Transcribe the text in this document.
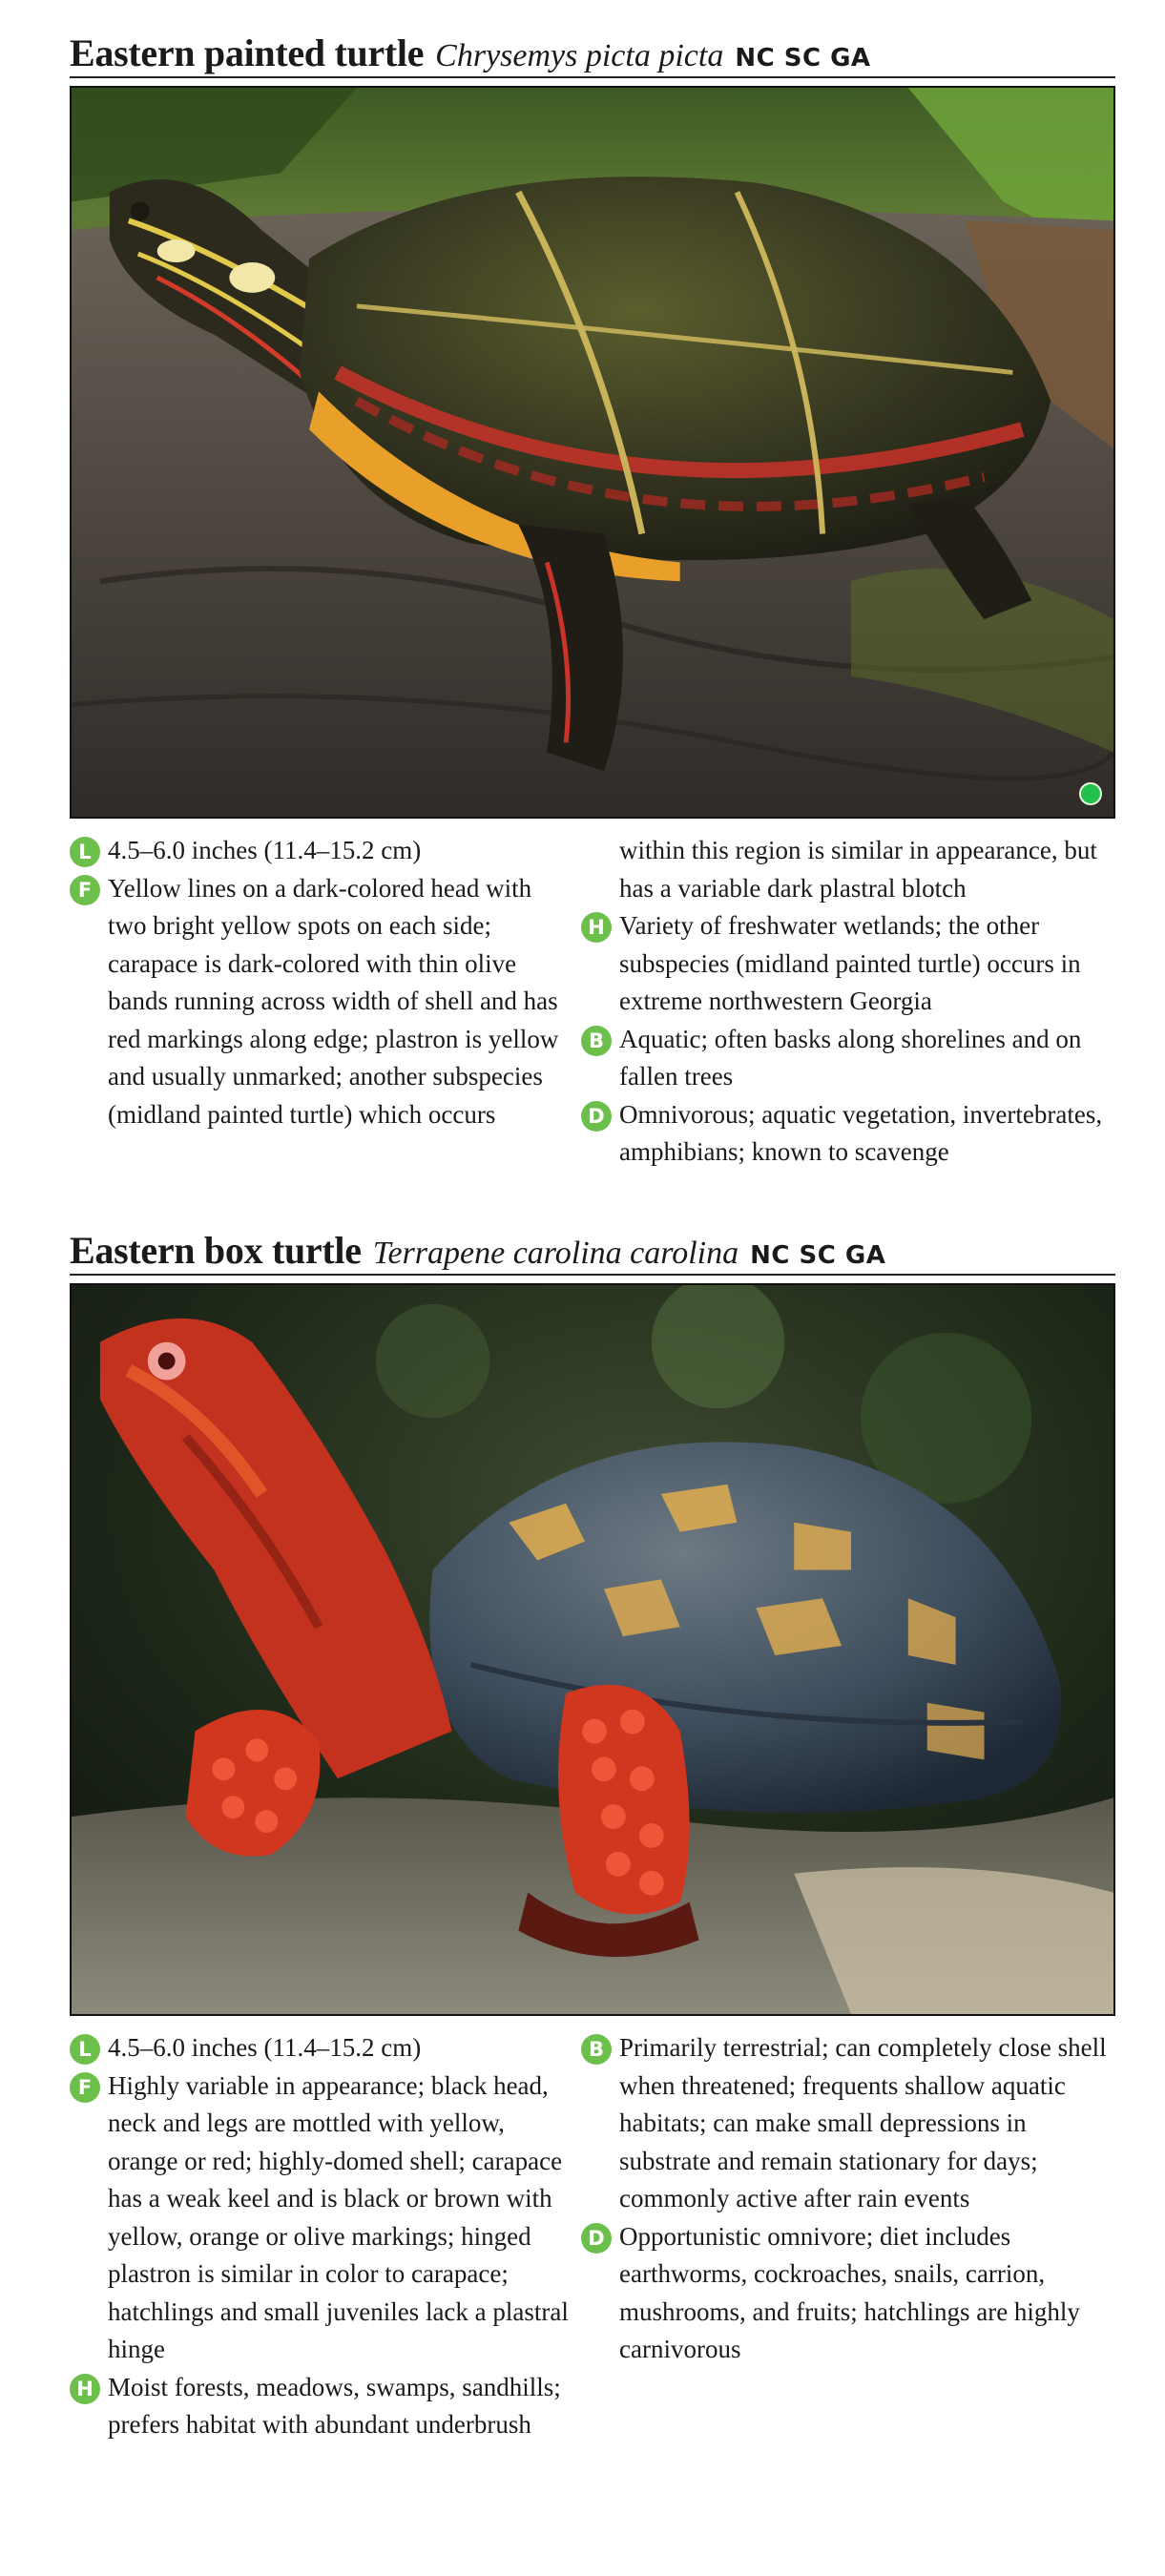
Eastern painted turtle Chrysemys picta picta NC SC GA
L 4.5–6.0 inches (11.4–15.2 cm)
F Yellow lines on a dark-colored head with two bright yellow spots on each side; carapace is dark-colored with thin olive bands running across width of shell and has red markings along edge; plastron is yellow and usually unmarked; another subspecies (midland painted turtle) which occurs
within this region is similar in appearance, but has a variable dark plastral blotch
H Variety of freshwater wetlands; the other subspecies (midland painted turtle) occurs in extreme northwestern Georgia
B Aquatic; often basks along shorelines and on fallen trees
D Omnivorous; aquatic vegetation, invertebrates, amphibians; known to scavenge
Eastern box turtle Terrapene carolina carolina NC SC GA
L 4.5–6.0 inches (11.4–15.2 cm)
F Highly variable in appearance; black head, neck and legs are mottled with yellow, orange or red; highly-domed shell; carapace has a weak keel and is black or brown with yellow, orange or olive markings; hinged plastron is similar in color to carapace; hatchlings and small juveniles lack a plastral hinge
H Moist forests, meadows, swamps, sandhills; prefers habitat with abundant underbrush
B Primarily terrestrial; can completely close shell when threatened; frequents shallow aquatic habitats; can make small depressions in substrate and remain stationary for days; commonly active after rain events
D Opportunistic omnivore; diet includes earthworms, cockroaches, snails, carrion, mushrooms, and fruits; hatchlings are highly carnivorous
